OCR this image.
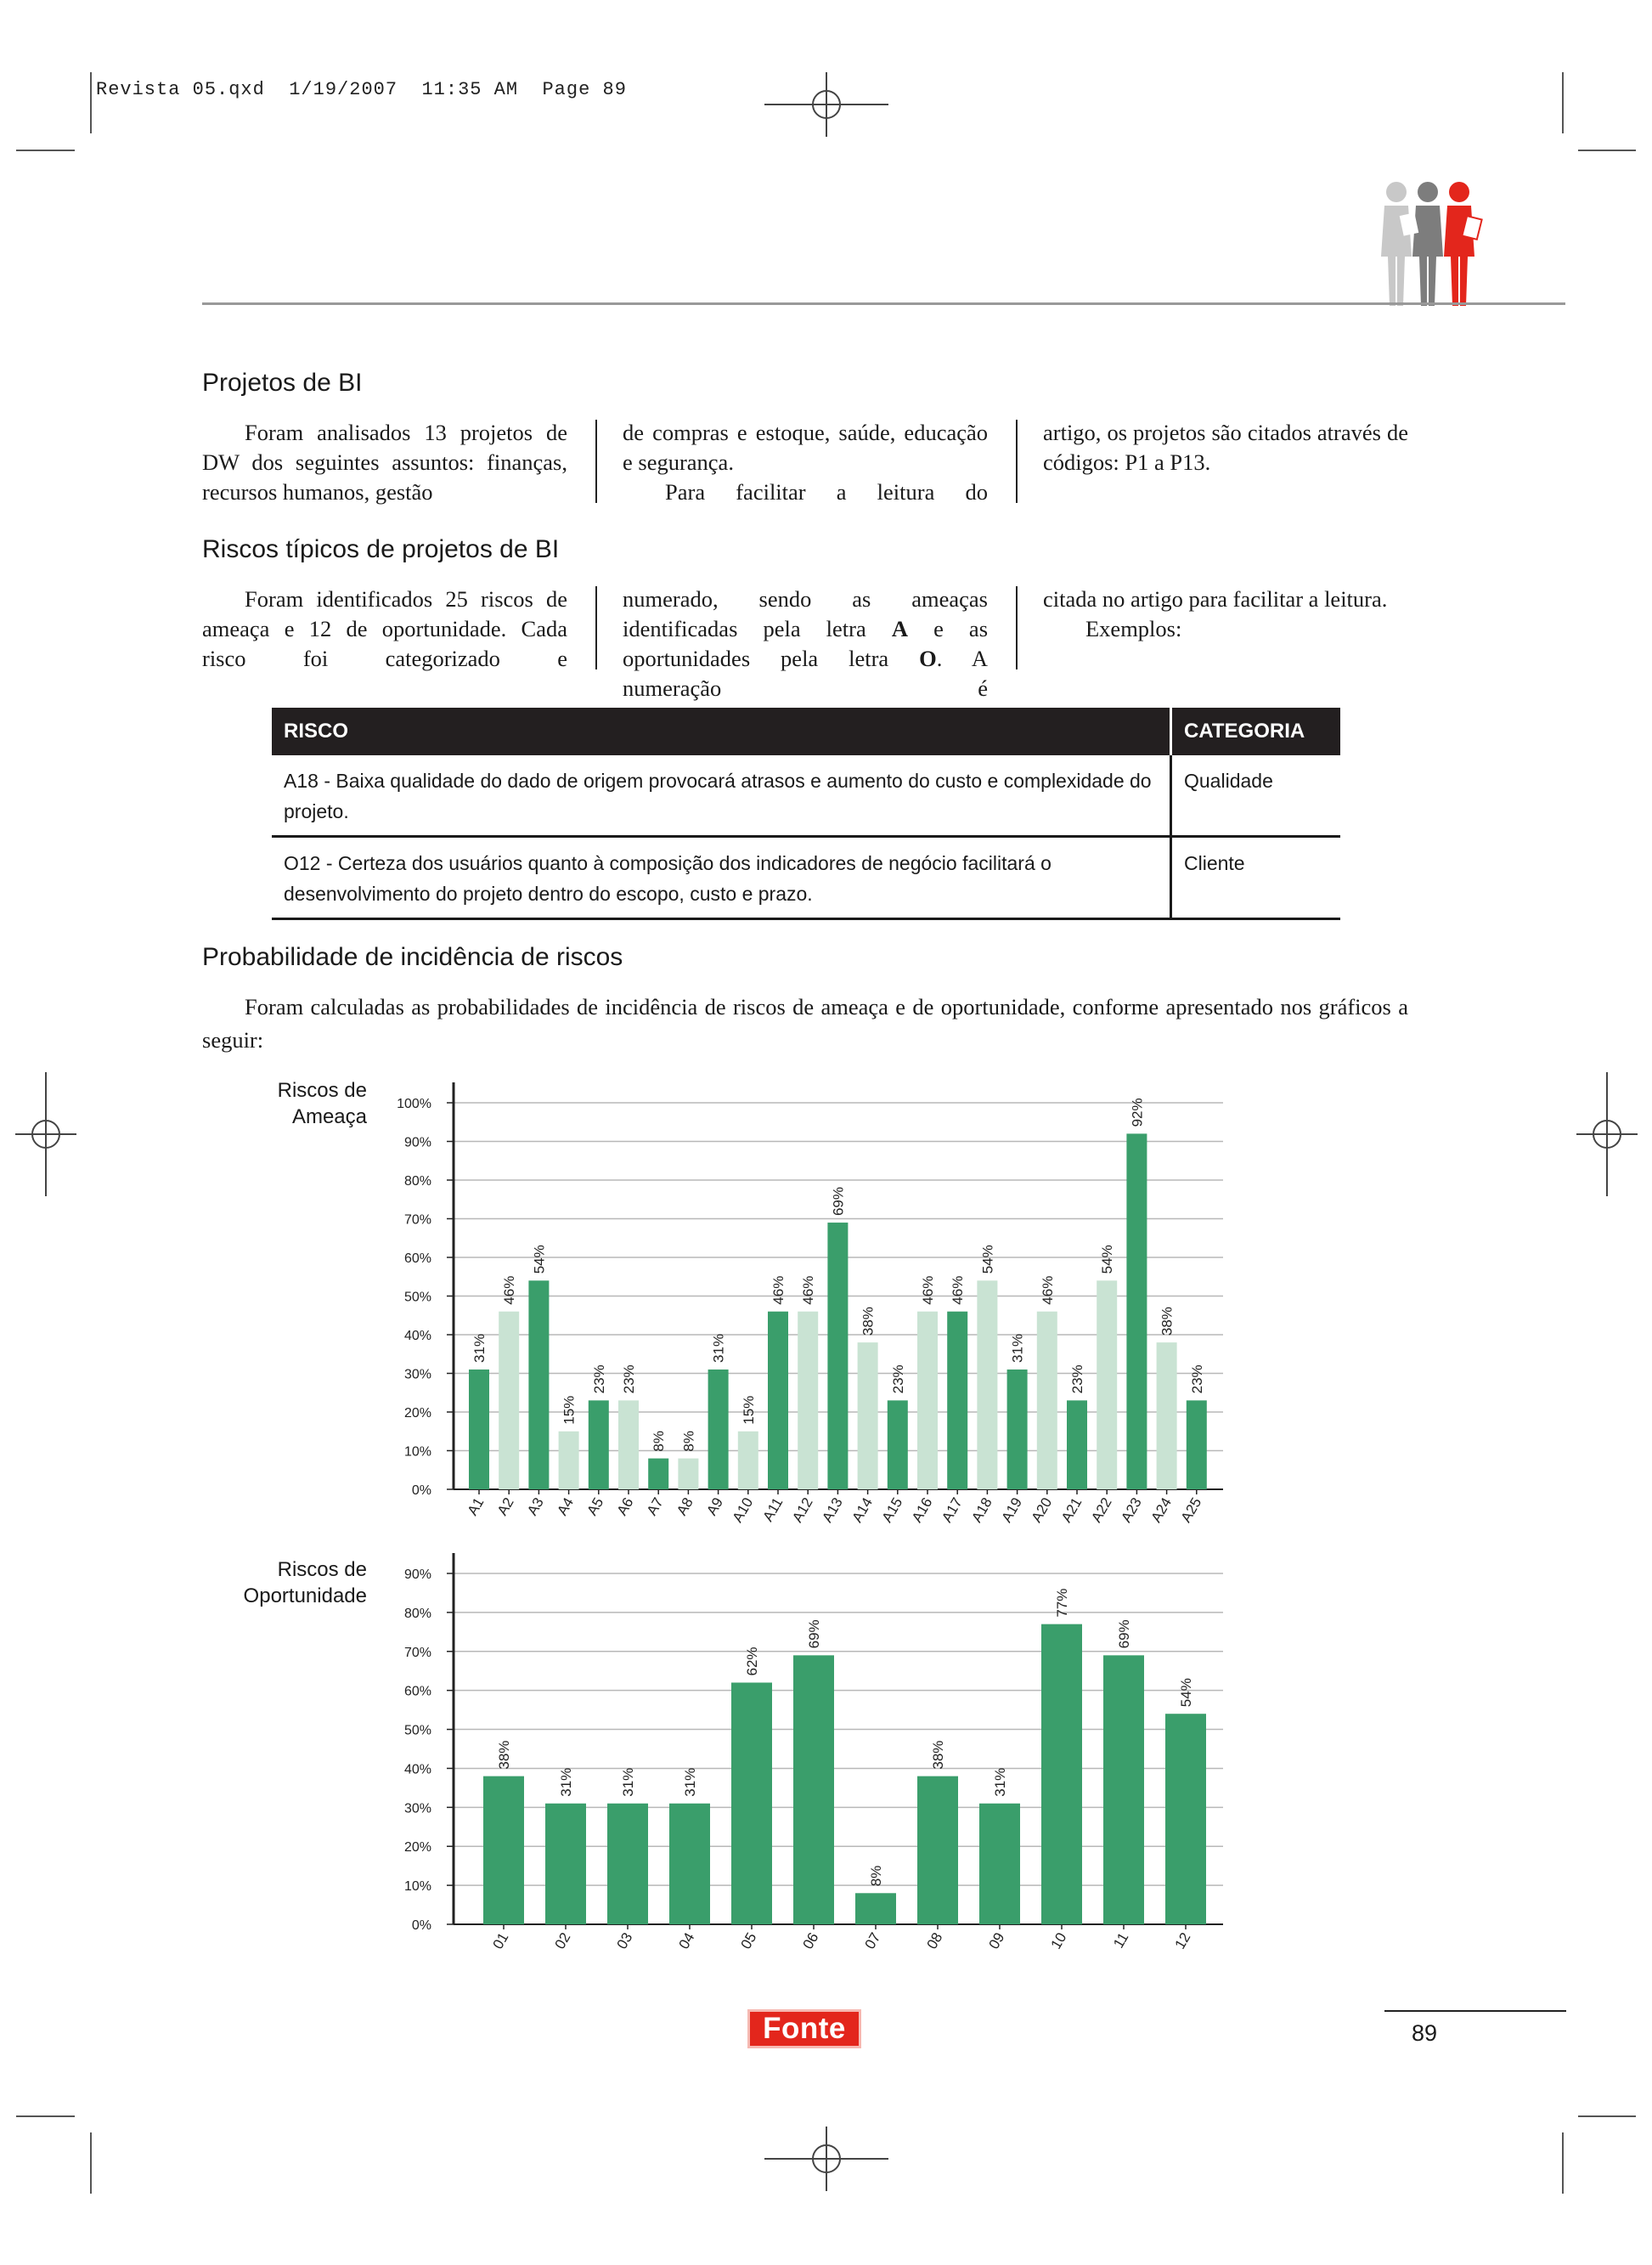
Revista 05.qxd  1/19/2007  11:35 AM  Page 89
Projetos de BI
Foram analisados 13 projetos de DW dos seguintes assuntos: finanças, recursos humanos, gestão
de compras e estoque, saúde, educação e segurança.
Para facilitar a leitura do
artigo, os projetos são citados através de códigos: P1 a P13.
Riscos típicos de projetos de BI
Foram identificados 25 riscos de ameaça e 12 de oportunidade. Cada risco foi categorizado e
numerado, sendo as ameaças identificadas pela letra A e as oportunidades pela letra O. A numeração é
citada no artigo para facilitar a leitura.
Exemplos:
RISCO	CATEGORIA
A18 - Baixa qualidade do dado de origem provocará atrasos e aumento do custo e complexidade do projeto.	Qualidade
O12 - Certeza dos usuários quanto à composição dos indicadores de negócio facilitará o desenvolvimento do projeto dentro do escopo, custo e prazo.	Cliente
Probabilidade de incidência de riscos
Foram calculadas as probabilidades de incidência de riscos de ameaça e de oportunidade, conforme apresentado nos gráficos a seguir:
Riscos de
Ameaça
Riscos de
Oportunidade
0%
10%
20%
30%
40%
50%
60%
70%
80%
90%
100%
31%
A1
46%
A2
54%
A3
15%
A4
23%
A5
23%
A6
8%
A7
8%
A8
31%
A9
15%
A10
46%
A11
46%
A12
69%
A13
38%
A14
23%
A15
46%
A16
46%
A17
54%
A18
31%
A19
46%
A20
23%
A21
54%
A22
92%
A23
38%
A24
23%
A25
0%
10%
20%
30%
40%
50%
60%
70%
80%
90%
38%
01
31%
02
31%
03
31%
04
62%
05
69%
06
8%
07
38%
08
31%
09
77%
10
69%
11
54%
12
Fonte	89
